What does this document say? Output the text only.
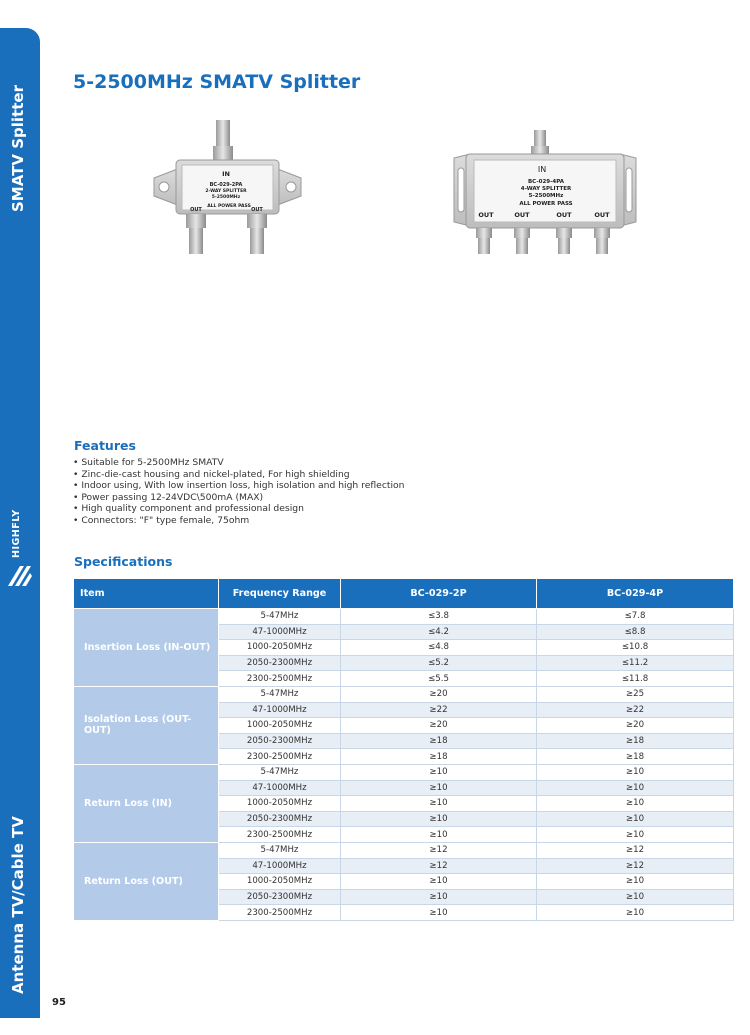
SMATV Splitter
HIGHFLY
Antenna TV/Cable TV
95
5-2500MHz SMATV Splitter
IN
BC-029-2PA
2-WAY SPLITTER
5-2500MHz
ALL POWER PASS
OUT	OUT
IN
BC-029-4PA
4-WAY SPLITTER
5-2500MHz
ALL POWER PASS
OUT	OUT	OUT	OUT
Features
• Suitable for 5-2500MHz SMATV
• Zinc-die-cast housing and nickel-plated, For high shielding
• Indoor using, With low insertion loss, high isolation and high reflection
• Power passing 12-24VDC\500mA (MAX)
• High quality component and professional design
• Connectors: "F" type female, 75ohm
Specifications
Item	Frequency Range	BC-029-2P	BC-029-4P
Insertion Loss (IN-OUT)	5-47MHz	≤3.8	≤7.8
	47-1000MHz	≤4.2	≤8.8
	1000-2050MHz	≤4.8	≤10.8
	2050-2300MHz	≤5.2	≤11.2
	2300-2500MHz	≤5.5	≤11.8
Isolation Loss (OUT-OUT)	5-47MHz	≥20	≥25
	47-1000MHz	≥22	≥22
	1000-2050MHz	≥20	≥20
	2050-2300MHz	≥18	≥18
	2300-2500MHz	≥18	≥18
Return Loss (IN)	5-47MHz	≥10	≥10
	47-1000MHz	≥10	≥10
	1000-2050MHz	≥10	≥10
	2050-2300MHz	≥10	≥10
	2300-2500MHz	≥10	≥10
Return Loss (OUT)	5-47MHz	≥12	≥12
	47-1000MHz	≥12	≥12
	1000-2050MHz	≥10	≥10
	2050-2300MHz	≥10	≥10
	2300-2500MHz	≥10	≥10
